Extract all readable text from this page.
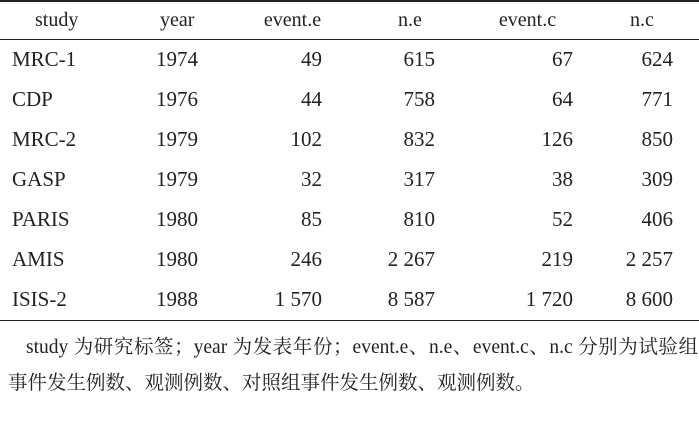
study	year	event.e	n.e	event.c	n.c
MRC-1	1974	49	615	67	624
CDP	1976	44	758	64	771
MRC-2	1979	102	832	126	850
GASP	1979	32	317	38	309
PARIS	1980	85	810	52	406
AMIS	1980	246	2 267	219	2 257
ISIS-2	1988	1 570	8 587	1 720	8 600

study 为研究标签；year 为发表年份；event.e、n.e、event.c、n.c 分别为试验组事件发生例数、观测例数、对照组事件发生例数、观测例数。
